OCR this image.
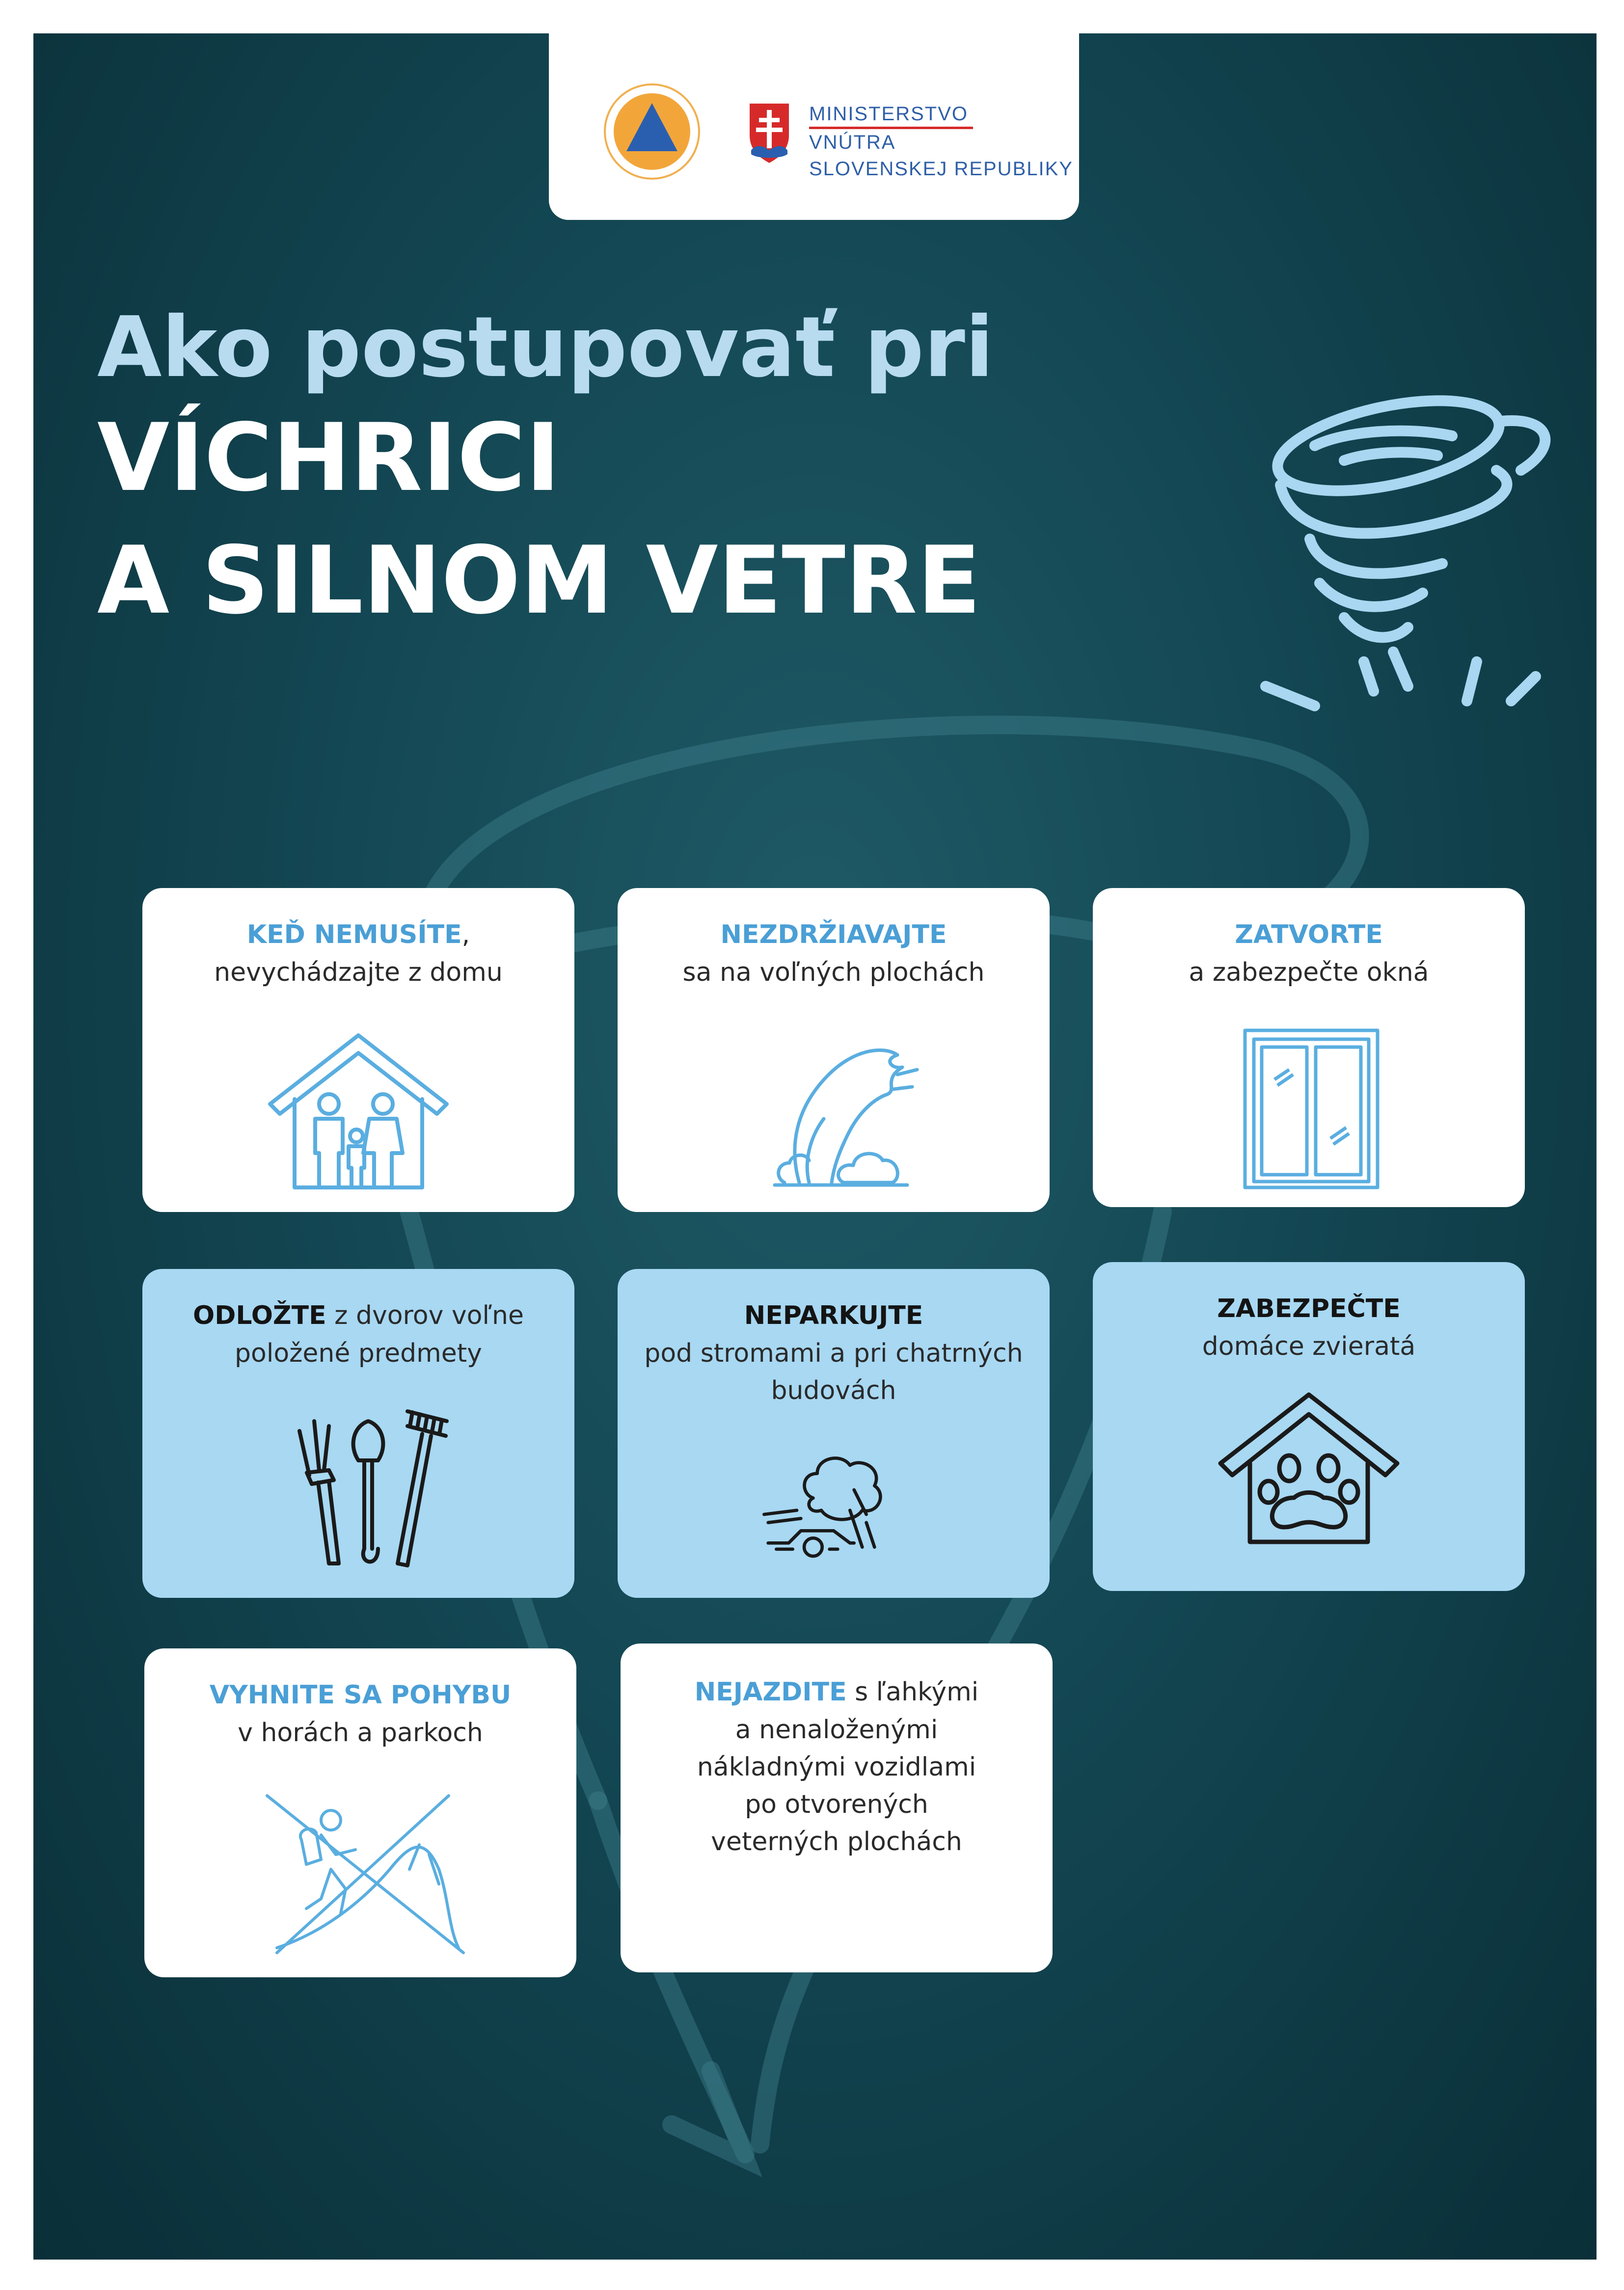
MINISTERSTVO
VNÚTRA
SLOVENSKEJ REPUBLIKY
Ako postupovať pri
VÍCHRICI
A SILNOM VETRE
KEĎ NEMUSÍTE,
nevychádzajte z domu
NEZDRŽIAVAJTE
sa na voľných plochách
ZATVORTE
a zabezpečte okná
ODLOŽTE z dvorov voľne
položené predmety
NEPARKUJTE
pod stromami a pri chatrných budovách
ZABEZPEČTE
domáce zvieratá
VYHNITE SA POHYBU
v horách a parkoch
NEJAZDITE s ľahkými
a nenaloženými nákladnými vozidlami po otvorených veterných plochách
